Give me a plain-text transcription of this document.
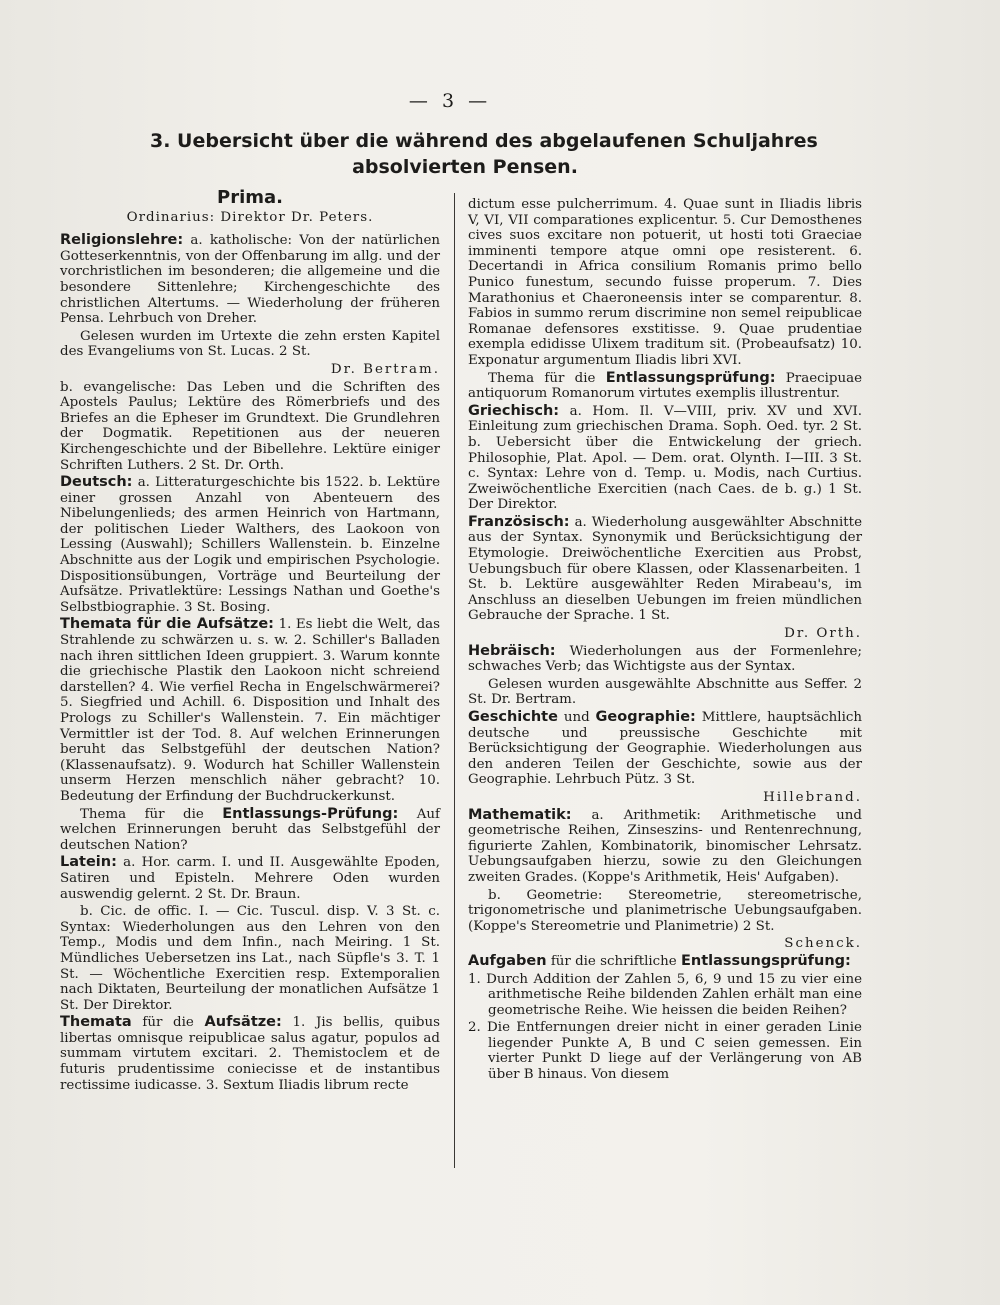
— 3 —
3. Uebersicht über die während des abgelaufenen Schuljahres
absolvierten Pensen.
Prima.
Ordinarius: Direktor Dr. Peters.

Religionslehre: a. katholische: Von der natürlichen Gotteserkenntnis, von der Offenbarung im allg. und der vorchristlichen im besonderen; die allgemeine und die besondere Sittenlehre; Kirchengeschichte des christlichen Altertums. — Wiederholung der früheren Pensa. Lehrbuch von Dreher.

Gelesen wurden im Urtexte die zehn ersten Kapitel des Evangeliums von St. Lucas. 2 St.

Dr. Bertram.

b. evangelische: Das Leben und die Schriften des Apostels Paulus; Lektüre des Römerbriefs und des Briefes an die Epheser im Grundtext. Die Grundlehren der Dogmatik. Repetitionen aus der neueren Kirchengeschichte und der Bibellehre. Lektüre einiger Schriften Luthers. 2 St. Dr. Orth.

Deutsch: a. Litteraturgeschichte bis 1522. b. Lektüre einer grossen Anzahl von Abenteuern des Nibelungenlieds; des armen Heinrich von Hartmann, der politischen Lieder Walthers, des Laokoon von Lessing (Auswahl); Schillers Wallenstein. b. Einzelne Abschnitte aus der Logik und empirischen Psychologie. Dispositionsübungen, Vorträge und Beurteilung der Aufsätze. Privatlektüre: Lessings Nathan und Goethe's Selbstbiographie. 3 St. Bosing.

Themata für die Aufsätze: 1. Es liebt die Welt, das Strahlende zu schwärzen u. s. w. 2. Schiller's Balladen nach ihren sittlichen Ideen gruppiert. 3. Warum konnte die griechische Plastik den Laokoon nicht schreiend darstellen? 4. Wie verfiel Recha in Engelschwärmerei? 5. Siegfried und Achill. 6. Disposition und Inhalt des Prologs zu Schiller's Wallenstein. 7. Ein mächtiger Vermittler ist der Tod. 8. Auf welchen Erinnerungen beruht das Selbstgefühl der deutschen Nation? (Klassenaufsatz). 9. Wodurch hat Schiller Wallenstein unserm Herzen menschlich näher gebracht? 10. Bedeutung der Erfindung der Buchdruckerkunst.

Thema für die Entlassungs-Prüfung: Auf welchen Erinnerungen beruht das Selbstgefühl der deutschen Nation?

Latein: a. Hor. carm. I. und II. Ausgewählte Epoden, Satiren und Episteln. Mehrere Oden wurden auswendig gelernt. 2 St. Dr. Braun.

b. Cic. de offic. I. — Cic. Tuscul. disp. V. 3 St. c. Syntax: Wiederholungen aus den Lehren von den Temp., Modis und dem Infin., nach Meiring. 1 St. Mündliches Uebersetzen ins Lat., nach Süpfle's 3. T. 1 St. — Wöchentliche Exercitien resp. Extemporalien nach Diktaten, Beurteilung der monatlichen Aufsätze 1 St. Der Direktor.

Themata für die Aufsätze: 1. Jis bellis, quibus libertas omnisque reipublicae salus agatur, populos ad summam virtutem excitari. 2. Themistoclem et de futuris prudentissime coniecisse et de instantibus rectissime iudicasse. 3. Sextum Iliadis librum recte

dictum esse pulcherrimum. 4. Quae sunt in Iliadis libris V, VI, VII comparationes explicentur. 5. Cur Demosthenes cives suos excitare non potuerit, ut hosti toti Graeciae imminenti tempore atque omni ope resisterent. 6. Decertandi in Africa consilium Romanis primo bello Punico funestum, secundo fuisse properum. 7. Dies Marathonius et Chaeroneensis inter se comparentur. 8. Fabios in summo rerum discrimine non semel reipublicae Romanae defensores exstitisse. 9. Quae prudentiae exempla edidisse Ulixem traditum sit. (Probeaufsatz) 10. Exponatur argumentum Iliadis libri XVI.

Thema für die Entlassungsprüfung: Praecipuae antiquorum Romanorum virtutes exemplis illustrentur.

Griechisch: a. Hom. Il. V—VIII, priv. XV und XVI. Einleitung zum griechischen Drama. Soph. Oed. tyr. 2 St. b. Uebersicht über die Entwickelung der griech. Philosophie, Plat. Apol. — Dem. orat. Olynth. I—III. 3 St. c. Syntax: Lehre von d. Temp. u. Modis, nach Curtius. Zweiwöchentliche Exercitien (nach Caes. de b. g.) 1 St. Der Direktor.

Französisch: a. Wiederholung ausgewählter Abschnitte aus der Syntax. Synonymik und Berücksichtigung der Etymologie. Dreiwöchentliche Exercitien aus Probst, Uebungsbuch für obere Klassen, oder Klassenarbeiten. 1 St. b. Lektüre ausgewählter Reden Mirabeau's, im Anschluss an dieselben Uebungen im freien mündlichen Gebrauche der Sprache. 1 St.

Dr. Orth.

Hebräisch: Wiederholungen aus der Formenlehre; schwaches Verb; das Wichtigste aus der Syntax.

Gelesen wurden ausgewählte Abschnitte aus Seffer. 2 St. Dr. Bertram.

Geschichte und Geographie: Mittlere, hauptsächlich deutsche und preussische Geschichte mit Berücksichtigung der Geographie. Wiederholungen aus den anderen Teilen der Geschichte, sowie aus der Geographie. Lehrbuch Pütz. 3 St.

Hillebrand.

Mathematik: a. Arithmetik: Arithmetische und geometrische Reihen, Zinseszins- und Rentenrechnung, figurierte Zahlen, Kombinatorik, binomischer Lehrsatz. Uebungsaufgaben hierzu, sowie zu den Gleichungen zweiten Grades. (Koppe's Arithmetik, Heis' Aufgaben).

b. Geometrie: Stereometrie, stereometrische, trigonometrische und planimetrische Uebungsaufgaben. (Koppe's Stereometrie und Planimetrie) 2 St.

Schenck.

Aufgaben für die schriftliche Entlassungsprüfung:

1. Durch Addition der Zahlen 5, 6, 9 und 15 zu vier eine arithmetische Reihe bildenden Zahlen erhält man eine geometrische Reihe. Wie heissen die beiden Reihen?

2. Die Entfernungen dreier nicht in einer geraden Linie liegender Punkte A, B und C seien gemessen. Ein vierter Punkt D liege auf der Verlängerung von AB über B hinaus. Von diesem
